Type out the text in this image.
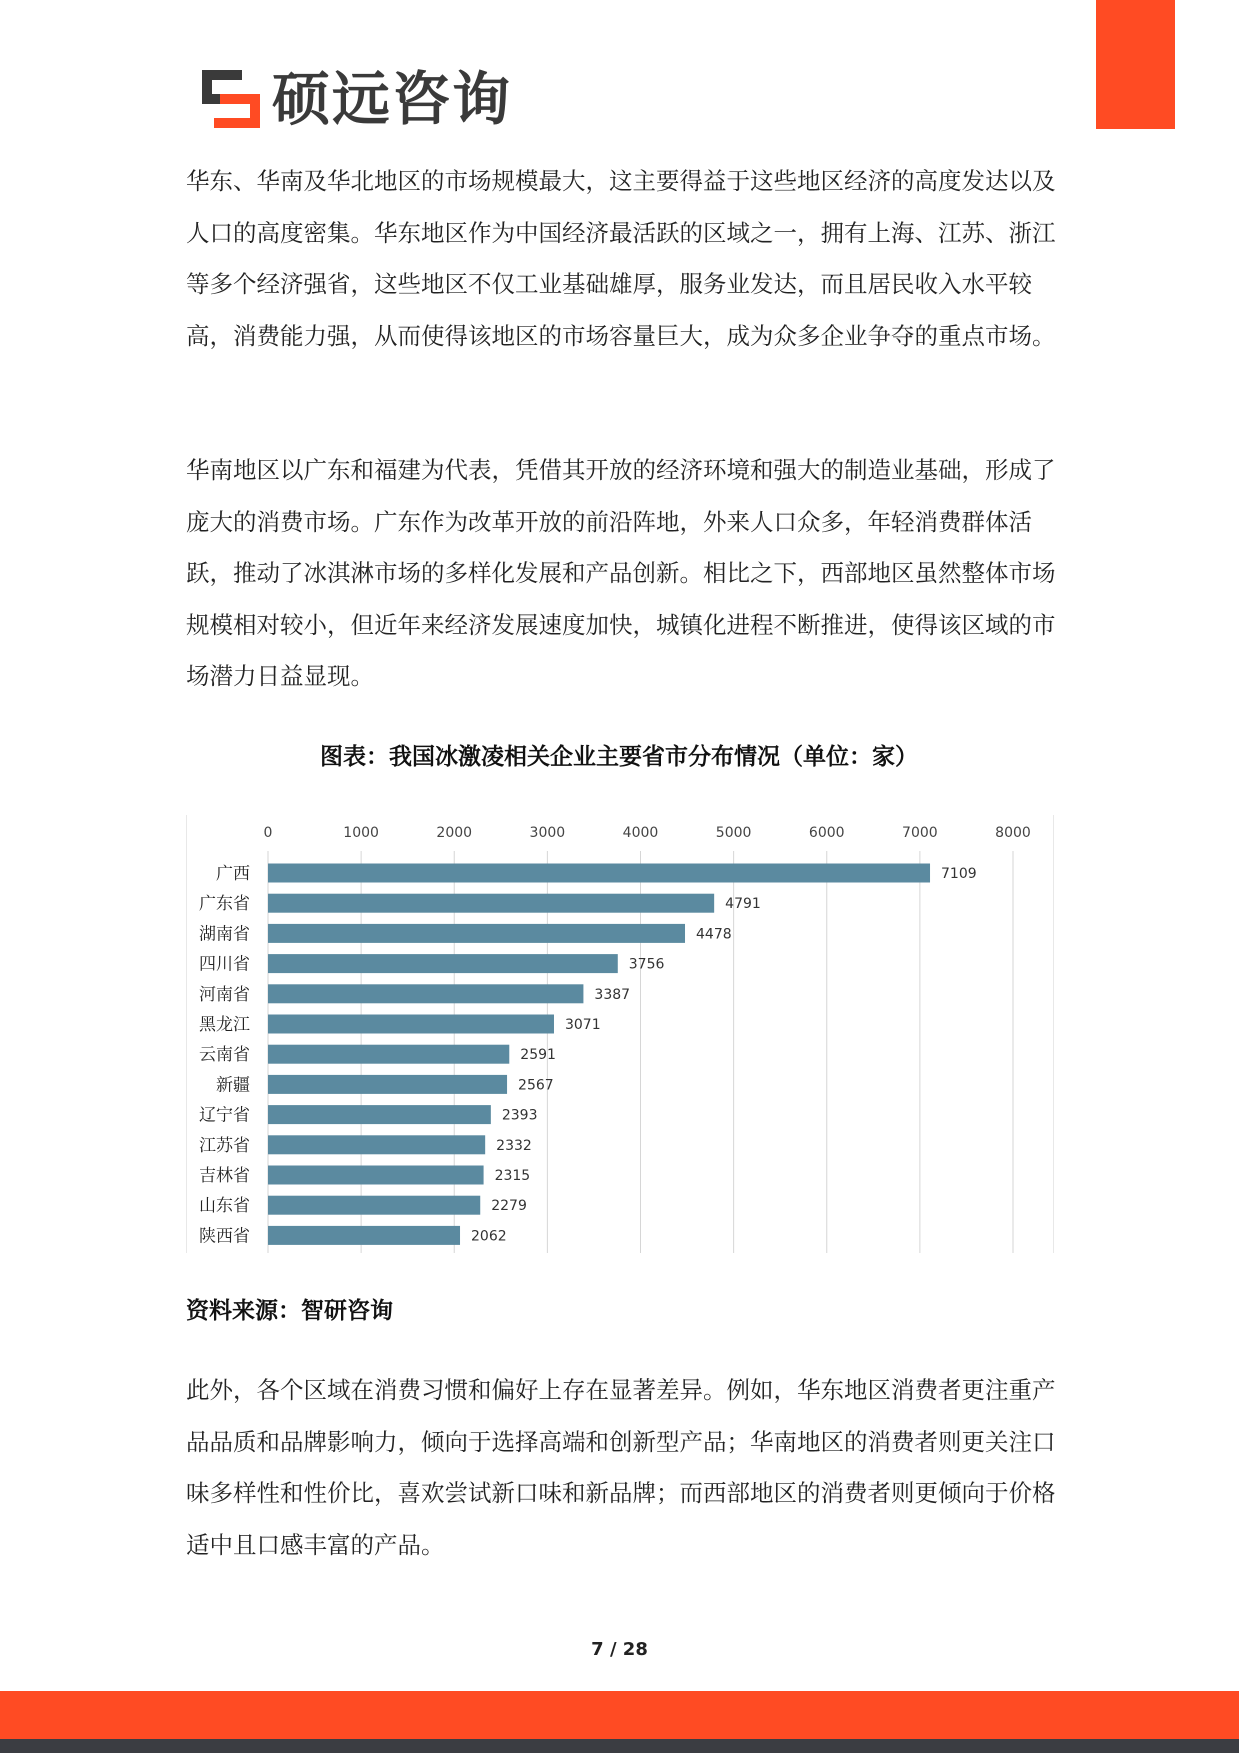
硕远咨询

华东、华南及华北地区的市场规模最大，这主要得益于这些地区经济的高度发达以及人口的高度密集。华东地区作为中国经济最活跃的区域之一，拥有上海、江苏、浙江等多个经济强省，这些地区不仅工业基础雄厚，服务业发达，而且居民收入水平较高，消费能力强，从而使得该地区的市场容量巨大，成为众多企业争夺的重点市场。

华南地区以广东和福建为代表，凭借其开放的经济环境和强大的制造业基础，形成了庞大的消费市场。广东作为改革开放的前沿阵地，外来人口众多，年轻消费群体活跃，推动了冰淇淋市场的多样化发展和产品创新。相比之下，西部地区虽然整体市场规模相对较小，但近年来经济发展速度加快，城镇化进程不断推进，使得该区域的市场潜力日益显现。

图表：我国冰激凌相关企业主要省市分布情况（单位：家）
0	1000	2000	3000	4000	5000	6000	7000	8000
广西	7109
广东省	4791
湖南省	4478
四川省	3756
河南省	3387
黑龙江	3071
云南省	2591
新疆	2567
辽宁省	2393
江苏省	2332
吉林省	2315
山东省	2279
陕西省	2062
资料来源：智研咨询

此外，各个区域在消费习惯和偏好上存在显著差异。例如，华东地区消费者更注重产品品质和品牌影响力，倾向于选择高端和创新型产品；华南地区的消费者则更关注口味多样性和性价比，喜欢尝试新口味和新品牌；而西部地区的消费者则更倾向于价格适中且口感丰富的产品。

7 / 28
